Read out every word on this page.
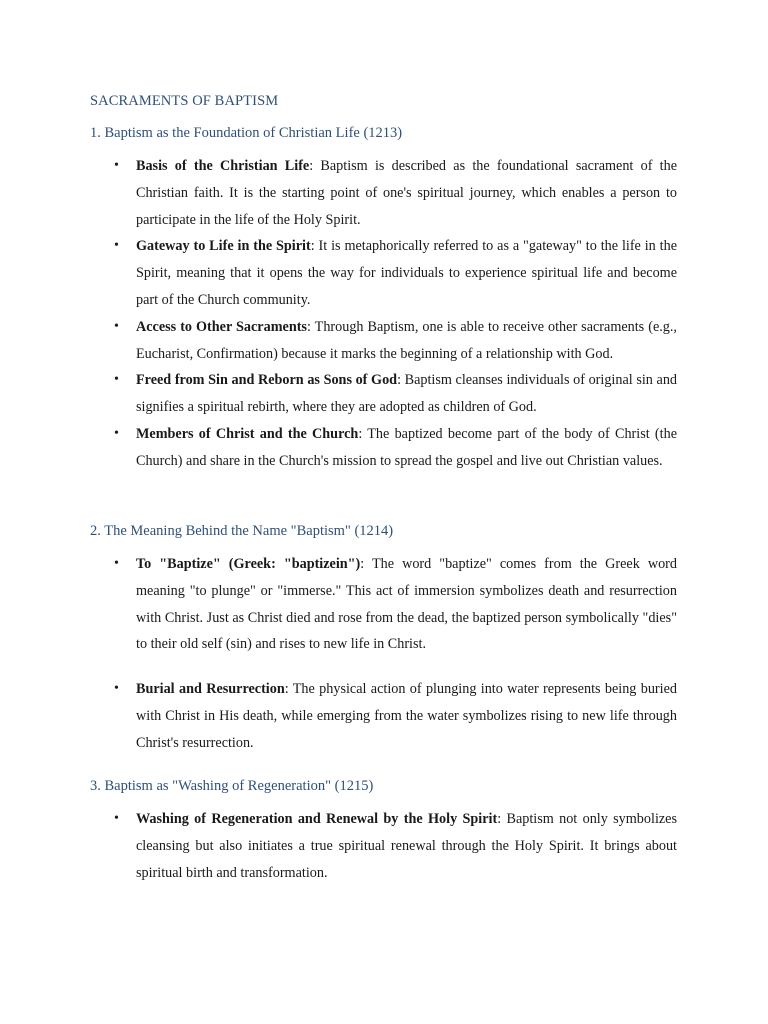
SACRAMENTS OF BAPTISM
1. Baptism as the Foundation of Christian Life (1213)
• Basis of the Christian Life: Baptism is described as the foundational sacrament of the Christian faith. It is the starting point of one's spiritual journey, which enables a person to participate in the life of the Holy Spirit.
• Gateway to Life in the Spirit: It is metaphorically referred to as a "gateway" to the life in the Spirit, meaning that it opens the way for individuals to experience spiritual life and become part of the Church community.
• Access to Other Sacraments: Through Baptism, one is able to receive other sacraments (e.g., Eucharist, Confirmation) because it marks the beginning of a relationship with God.
• Freed from Sin and Reborn as Sons of God: Baptism cleanses individuals of original sin and signifies a spiritual rebirth, where they are adopted as children of God.
• Members of Christ and the Church: The baptized become part of the body of Christ (the Church) and share in the Church's mission to spread the gospel and live out Christian values.
2. The Meaning Behind the Name "Baptism" (1214)
• To "Baptize" (Greek: "baptizein"): The word "baptize" comes from the Greek word meaning "to plunge" or "immerse." This act of immersion symbolizes death and resurrection with Christ. Just as Christ died and rose from the dead, the baptized person symbolically "dies" to their old self (sin) and rises to new life in Christ.
• Burial and Resurrection: The physical action of plunging into water represents being buried with Christ in His death, while emerging from the water symbolizes rising to new life through Christ's resurrection.
3. Baptism as "Washing of Regeneration" (1215)
• Washing of Regeneration and Renewal by the Holy Spirit: Baptism not only symbolizes cleansing but also initiates a true spiritual renewal through the Holy Spirit. It brings about spiritual birth and transformation.
